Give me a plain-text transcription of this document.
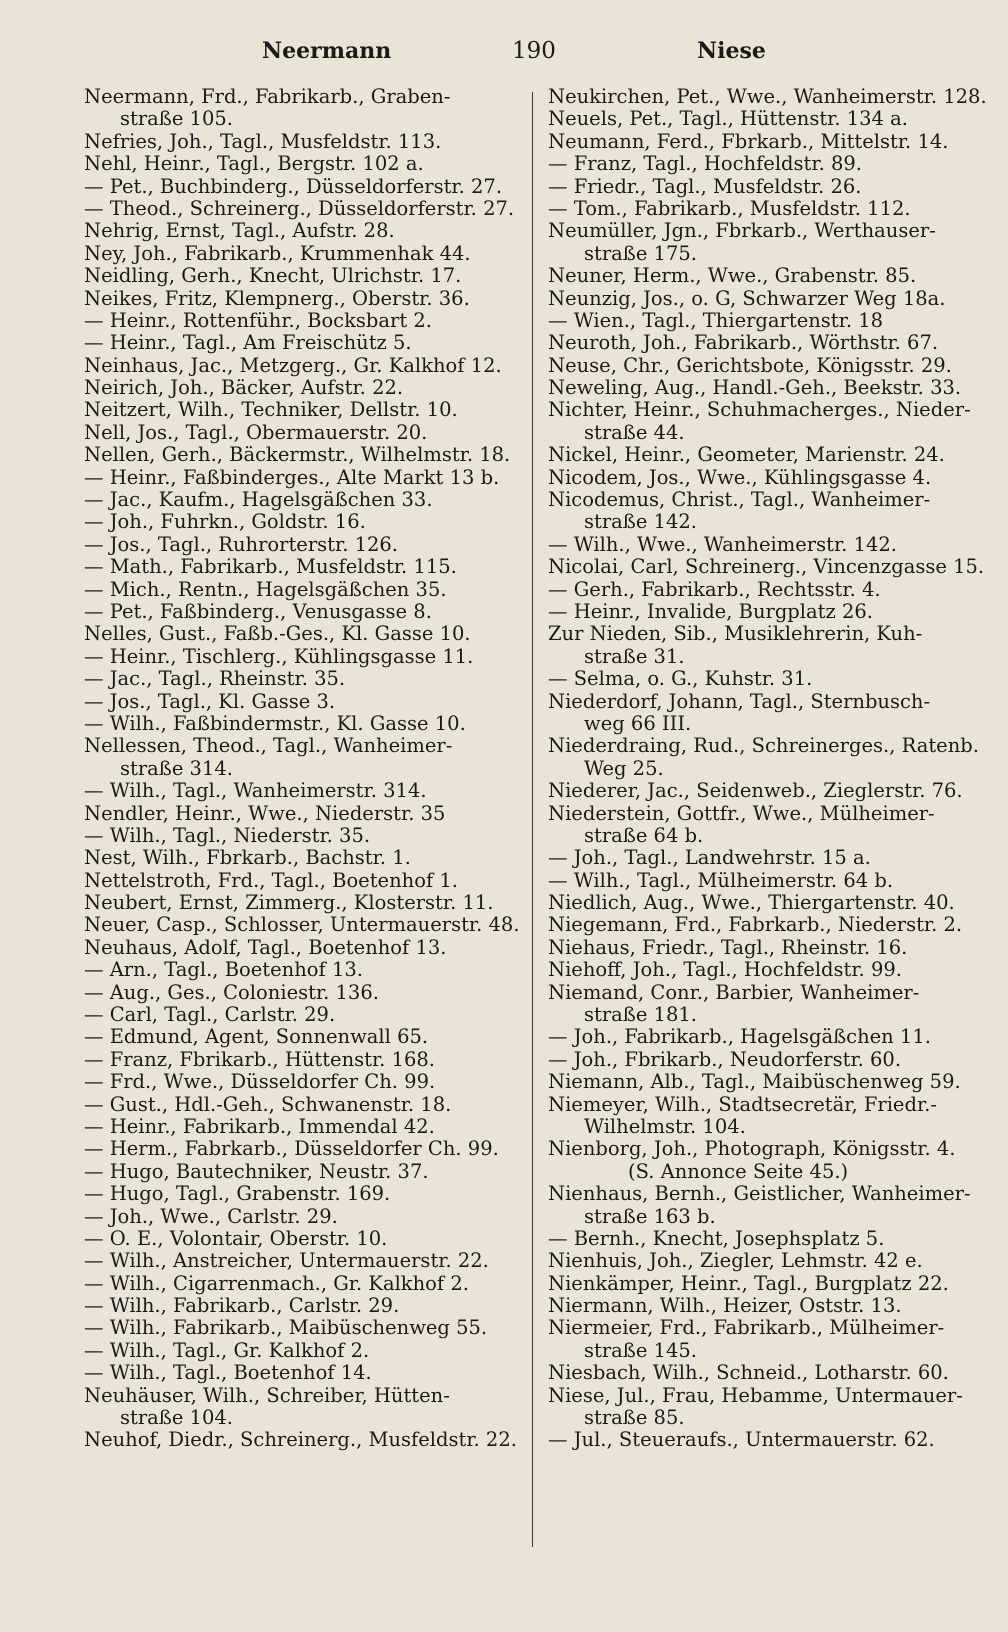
Neermann	190	Niese
Neermann, Frd., Fabrikarb., Graben-
straße 105.
Nefries, Joh., Tagl., Musfeldstr. 113.
Nehl, Heinr., Tagl., Bergstr. 102 a.
— Pet., Buchbinderg., Düsseldorferstr. 27.
— Theod., Schreinerg., Düsseldorferstr. 27.
Nehrig, Ernst, Tagl., Aufstr. 28.
Ney, Joh., Fabrikarb., Krummenhak 44.
Neidling, Gerh., Knecht, Ulrichstr. 17.
Neikes, Fritz, Klempnerg., Oberstr. 36.
— Heinr., Rottenführ., Bocksbart 2.
— Heinr., Tagl., Am Freischütz 5.
Neinhaus, Jac., Metzgerg., Gr. Kalkhof 12.
Neirich, Joh., Bäcker, Aufstr. 22.
Neitzert, Wilh., Techniker, Dellstr. 10.
Nell, Jos., Tagl., Obermauerstr. 20.
Nellen, Gerh., Bäckermstr., Wilhelmstr. 18.
— Heinr., Faßbinderges., Alte Markt 13 b.
— Jac., Kaufm., Hagelsgäßchen 33.
— Joh., Fuhrkn., Goldstr. 16.
— Jos., Tagl., Ruhrorterstr. 126.
— Math., Fabrikarb., Musfeldstr. 115.
— Mich., Rentn., Hagelsgäßchen 35.
— Pet., Faßbinderg., Venusgasse 8.
Nelles, Gust., Faßb.-Ges., Kl. Gasse 10.
— Heinr., Tischlerg., Kühlingsgasse 11.
— Jac., Tagl., Rheinstr. 35.
— Jos., Tagl., Kl. Gasse 3.
— Wilh., Faßbindermstr., Kl. Gasse 10.
Nellessen, Theod., Tagl., Wanheimer-
straße 314.
— Wilh., Tagl., Wanheimerstr. 314.
Nendler, Heinr., Wwe., Niederstr. 35
— Wilh., Tagl., Niederstr. 35.
Nest, Wilh., Fbrkarb., Bachstr. 1.
Nettelstroth, Frd., Tagl., Boetenhof 1.
Neubert, Ernst, Zimmerg., Klosterstr. 11.
Neuer, Casp., Schlosser, Untermauerstr. 48.
Neuhaus, Adolf, Tagl., Boetenhof 13.
— Arn., Tagl., Boetenhof 13.
— Aug., Ges., Coloniestr. 136.
— Carl, Tagl., Carlstr. 29.
— Edmund, Agent, Sonnenwall 65.
— Franz, Fbrikarb., Hüttenstr. 168.
— Frd., Wwe., Düsseldorfer Ch. 99.
— Gust., Hdl.-Geh., Schwanenstr. 18.
— Heinr., Fabrikarb., Immendal 42.
— Herm., Fabrkarb., Düsseldorfer Ch. 99.
— Hugo, Bautechniker, Neustr. 37.
— Hugo, Tagl., Grabenstr. 169.
— Joh., Wwe., Carlstr. 29.
— O. E., Volontair, Oberstr. 10.
— Wilh., Anstreicher, Untermauerstr. 22.
— Wilh., Cigarrenmach., Gr. Kalkhof 2.
— Wilh., Fabrikarb., Carlstr. 29.
— Wilh., Fabrikarb., Maibüschenweg 55.
— Wilh., Tagl., Gr. Kalkhof 2.
— Wilh., Tagl., Boetenhof 14.
Neuhäuser, Wilh., Schreiber, Hütten-
straße 104.
Neuhof, Diedr., Schreinerg., Musfeldstr. 22.
Neukirchen, Pet., Wwe., Wanheimerstr. 128.
Neuels, Pet., Tagl., Hüttenstr. 134 a.
Neumann, Ferd., Fbrkarb., Mittelstr. 14.
— Franz, Tagl., Hochfeldstr. 89.
— Friedr., Tagl., Musfeldstr. 26.
— Tom., Fabrikarb., Musfeldstr. 112.
Neumüller, Jgn., Fbrkarb., Werthauser-
straße 175.
Neuner, Herm., Wwe., Grabenstr. 85.
Neunzig, Jos., o. G, Schwarzer Weg 18a.
— Wien., Tagl., Thiergartenstr. 18
Neuroth, Joh., Fabrikarb., Wörthstr. 67.
Neuse, Chr., Gerichtsbote, Königsstr. 29.
Neweling, Aug., Handl.-Geh., Beekstr. 33.
Nichter, Heinr., Schuhmacherges., Nieder-
straße 44.
Nickel, Heinr., Geometer, Marienstr. 24.
Nicodem, Jos., Wwe., Kühlingsgasse 4.
Nicodemus, Christ., Tagl., Wanheimer-
straße 142.
— Wilh., Wwe., Wanheimerstr. 142.
Nicolai, Carl, Schreinerg., Vincenzgasse 15.
— Gerh., Fabrikarb., Rechtsstr. 4.
— Heinr., Invalide, Burgplatz 26.
Zur Nieden, Sib., Musiklehrerin, Kuh-
straße 31.
— Selma, o. G., Kuhstr. 31.
Niederdorf, Johann, Tagl., Sternbusch-
weg 66 III.
Niederdraing, Rud., Schreinerges., Ratenb.
Weg 25.
Niederer, Jac., Seidenweb., Zieglerstr. 76.
Niederstein, Gottfr., Wwe., Mülheimer-
straße 64 b.
— Joh., Tagl., Landwehrstr. 15 a.
— Wilh., Tagl., Mülheimerstr. 64 b.
Niedlich, Aug., Wwe., Thiergartenstr. 40.
Niegemann, Frd., Fabrkarb., Niederstr. 2.
Niehaus, Friedr., Tagl., Rheinstr. 16.
Niehoff, Joh., Tagl., Hochfeldstr. 99.
Niemand, Conr., Barbier, Wanheimer-
straße 181.
— Joh., Fabrikarb., Hagelsgäßchen 11.
— Joh., Fbrikarb., Neudorferstr. 60.
Niemann, Alb., Tagl., Maibüschenweg 59.
Niemeyer, Wilh., Stadtsecretär, Friedr.-
Wilhelmstr. 104.
Nienborg, Joh., Photograph, Königsstr. 4.
(S. Annonce Seite 45.)
Nienhaus, Bernh., Geistlicher, Wanheimer-
straße 163 b.
— Bernh., Knecht, Josephsplatz 5.
Nienhuis, Joh., Ziegler, Lehmstr. 42 e.
Nienkämper, Heinr., Tagl., Burgplatz 22.
Niermann, Wilh., Heizer, Oststr. 13.
Niermeier, Frd., Fabrikarb., Mülheimer-
straße 145.
Niesbach, Wilh., Schneid., Lotharstr. 60.
Niese, Jul., Frau, Hebamme, Untermauer-
straße 85.
— Jul., Steueraufs., Untermauerstr. 62.
